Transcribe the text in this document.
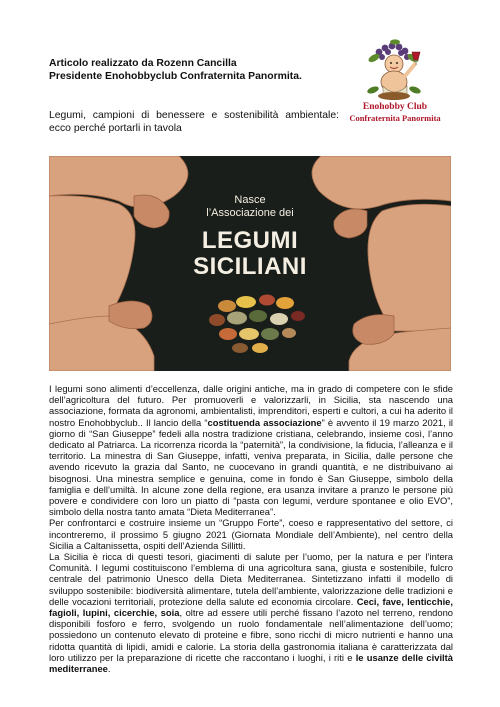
Articolo realizzato da Rozenn Cancilla
Presidente Enohobbyclub Confraternita Panormita.
Legumi, campioni di benessere e sostenibilità ambientale: ecco perché portarli in tavola
Enohobby Club
Confraternita Panormita
Nasce
l’Associazione dei
LEGUMI
SICILIANI

I legumi sono alimenti d’eccellenza, dalle origini antiche, ma in grado di competere con le sfide dell’agricoltura del futuro. Per promuoverli e valorizzarli, in Sicilia, sta nascendo una associazione, formata da agronomi, ambientalisti, imprenditori, esperti e cultori, a cui ha aderito il nostro Enohobbyclub.. Il lancio della “costituenda associazione” è avvento il 19 marzo 2021, il giorno di “San Giuseppe” fedeli alla nostra tradizione cristiana, celebrando, insieme così, l’anno dedicato al Patriarca. La ricorrenza ricorda la “paternità”, la condivisione, la fiducia, l’alleanza e il territorio. La minestra di San Giuseppe, infatti, veniva preparata, in Sicilia, dalle persone che avendo ricevuto la grazia dal Santo, ne cuocevano in grandi quantità, e ne distribuivano ai bisognosi. Una minestra semplice e genuina, come in fondo è San Giuseppe, simbolo della famiglia e dell’umiltà. In alcune zone della regione, era usanza invitare a pranzo le persone più povere e condividere con loro un piatto di “pasta con legumi, verdure spontanee e olio EVO”, simbolo della nostra tanto amata “Dieta Mediterranea”.

Per confrontarci e costruire insieme un “Gruppo Forte”, coeso e rappresentativo del settore, ci incontreremo, il prossimo 5 giugno 2021 (Giornata Mondiale dell’Ambiente), nel centro della Sicilia a Caltanissetta, ospiti dell’Azienda Sillitti.

La Sicilia è ricca di questi tesori, giacimenti di salute per l’uomo, per la natura e per l’intera Comunità. I legumi costituiscono l’emblema di una agricoltura sana, giusta e sostenibile, fulcro centrale del patrimonio Unesco della Dieta Mediterranea. Sintetizzano infatti il modello di sviluppo sostenibile: biodiversità alimentare, tutela dell’ambiente, valorizzazione delle tradizioni e delle vocazioni territoriali, protezione della salute ed economia circolare. Ceci, fave, lenticchie, fagioli, lupini, cicerchie, soia, oltre ad essere utili perché fissano l’azoto nel terreno, rendono disponibili fosforo e ferro, svolgendo un ruolo fondamentale nell’alimentazione dell’uomo; possiedono un contenuto elevato di proteine e fibre, sono ricchi di micro nutrienti e hanno una ridotta quantità di lipidi, amidi e calorie. La storia della gastronomia italiana è caratterizzata dal loro utilizzo per la preparazione di ricette che raccontano i luoghi, i riti e le usanze delle civiltà mediterranee.
